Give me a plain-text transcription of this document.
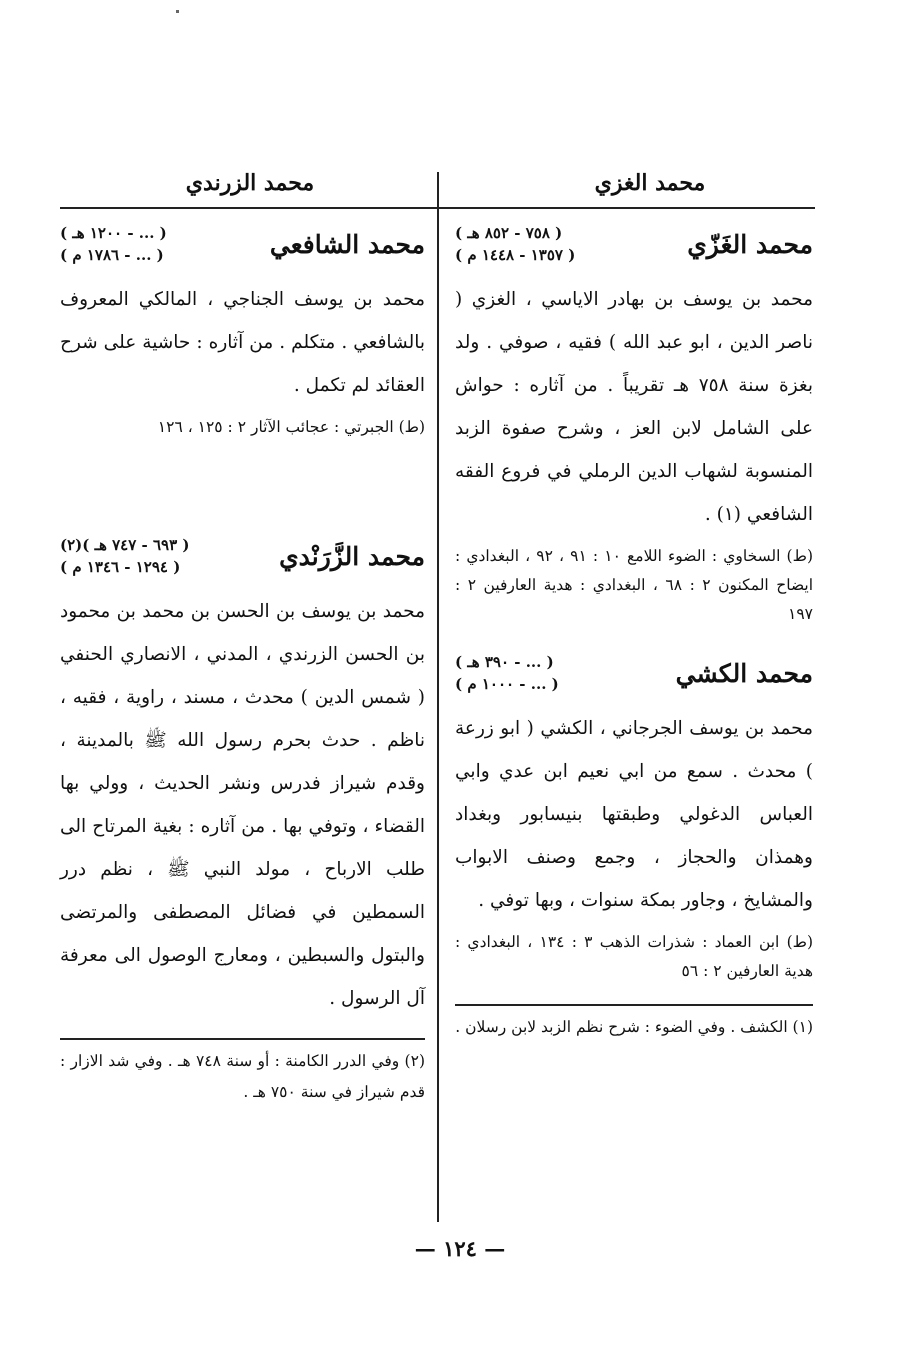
محمد الغزي
محمد الزرندي
محمد الغَزّي
( ٧٥٨ - ٨٥٢ هـ )
( ١٣٥٧ - ١٤٤٨ م )
محمد بن يوسف بن بهادر الاياسي ، الغزي ( ناصر الدين ، ابو عبد الله ) فقيه ، صوفي . ولد بغزة سنة ٧٥٨ هـ تقريباً . من آثاره : حواش على الشامل لابن العز ، وشرح صفوة الزبد المنسوبة لشهاب الدين الرملي في فروع الفقه الشافعي (١) .
(ط) السخاوي : الضوء اللامع ١٠ : ٩١ ، ٩٢ ، البغدادي : ايضاح المكنون ٢ : ٦٨ ، البغدادي : هدية العارفين ٢ : ١٩٧
محمد الكشي
( ... - ٣٩٠ هـ )
( ... - ١٠٠٠ م )
محمد بن يوسف الجرجاني ، الكشي ( ابو زرعة ) محدث . سمع من ابي نعيم ابن عدي وابي العباس الدغولي وطبقتها بنيسابور وبغداد وهمذان والحجاز ، وجمع وصنف الابواب والمشايخ ، وجاور بمكة سنوات ، وبها توفي .
(ط) ابن العماد : شذرات الذهب ٣ : ١٣٤ ، البغدادي : هدية العارفين ٢ : ٥٦
(١) الكشف . وفي الضوء : شرح نظم الزبد لابن رسلان .
محمد الشافعي
( ... - ١٢٠٠ هـ )
( ... - ١٧٨٦ م )
محمد بن يوسف الجناجي ، المالكي المعروف بالشافعي . متكلم . من آثاره : حاشية على شرح العقائد لم تكمل .
(ط) الجبرتي : عجائب الآثار ٢ : ١٢٥ ، ١٢٦
محمد الزَّرَنْدي
( ٦٩٣ - ٧٤٧ هـ )(٢)
( ١٢٩٤ - ١٣٤٦ م )
محمد بن يوسف بن الحسن بن محمد بن محمود بن الحسن الزرندي ، المدني ، الانصاري الحنفي ( شمس الدين ) محدث ، مسند ، راوية ، فقيه ، ناظم . حدث بحرم رسول الله ﷺ بالمدينة ، وقدم شيراز فدرس ونشر الحديث ، وولي بها القضاء ، وتوفي بها . من آثاره : بغية المرتاح الى طلب الارباح ، مولد النبي ﷺ ، نظم درر السمطين في فضائل المصطفى والمرتضى والبتول والسبطين ، ومعارج الوصول الى معرفة آل الرسول .
(٢) وفي الدرر الكامنة : أو سنة ٧٤٨ هـ . وفي شد الازار : قدم شيراز في سنة ٧٥٠ هـ .
— ١٢٤ —
